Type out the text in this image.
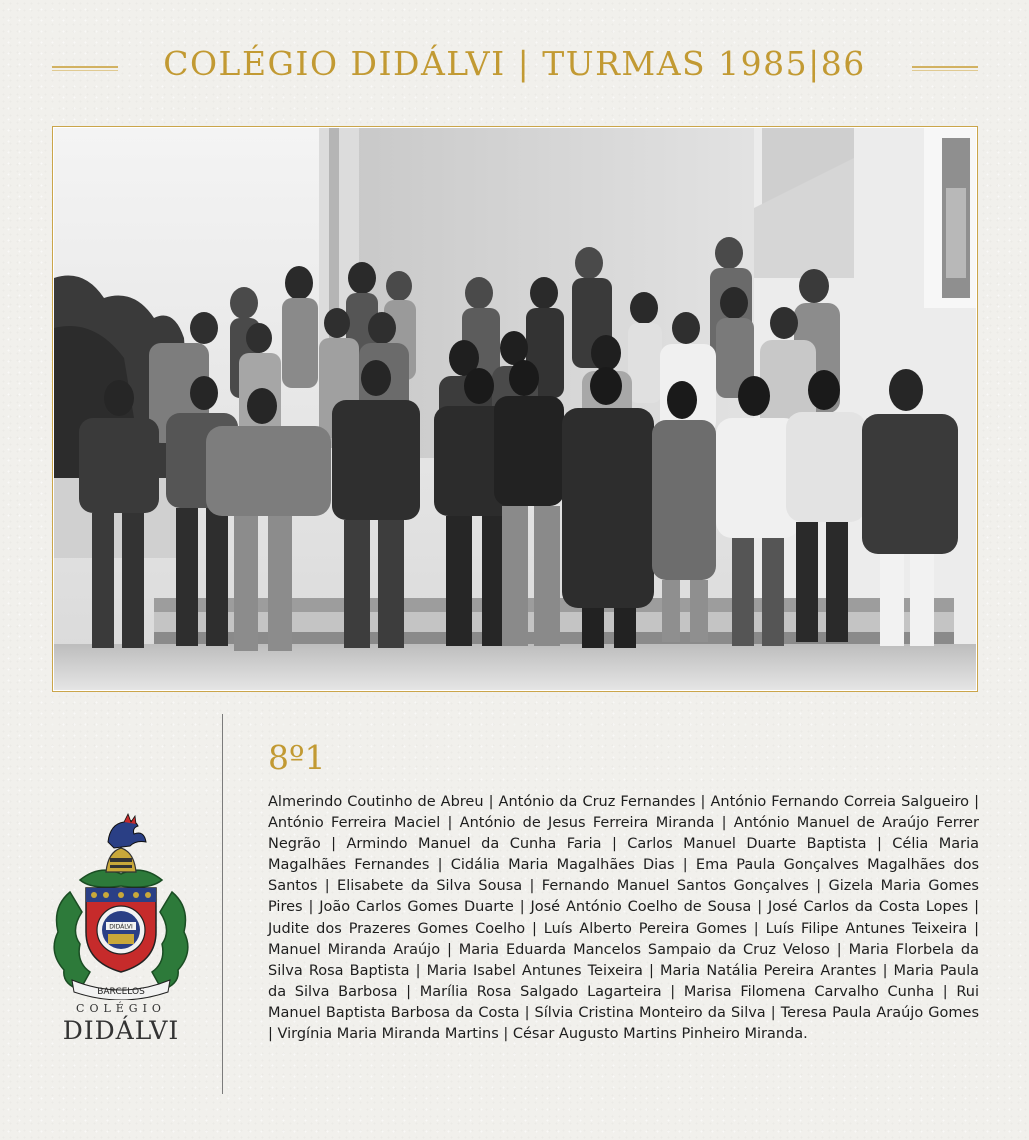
COLÉGIO DIDÁLVI | TURMAS 1985|86
8º1

Almerindo Coutinho de Abreu | António da Cruz Fernandes | António Fernando Correia Salgueiro | António Ferreira Maciel | António de Jesus Ferreira Miranda | António Manuel de Araújo Ferrer Negrão | Armindo Manuel da Cunha Faria | Carlos Manuel Duarte Baptista | Célia Maria Magalhães Fernandes | Cidália Maria Magalhães Dias | Ema Paula Gonçalves Magalhães dos Santos | Elisabete da Silva Sousa | Fernando Manuel Santos Gonçalves | Gizela Maria Gomes Pires | João Carlos Gomes Duarte | José António Coelho de Sousa | José Carlos da Costa Lopes | Judite dos Prazeres Gomes Coelho | Luís Alberto Pereira Gomes | Luís Filipe Antunes Teixeira | Manuel Miranda Araújo | Maria Eduarda Mancelos Sampaio da Cruz Veloso | Maria Florbela da Silva Rosa Baptista | Maria Isabel Antunes Teixeira | Maria Natália Pereira Arantes | Maria Paula da Silva Barbosa | Marília Rosa Salgado Lagarteira | Marisa Filomena Carvalho Cunha | Rui Manuel Baptista Barbosa da Costa | Sílvia Cristina Monteiro da Silva | Teresa Paula Araújo Gomes | Virgínia Maria Miranda Martins | César Augusto Martins Pinheiro Miranda.

DIDÁLVI
BARCELOS
COLÉGIO
DIDÁLVI
